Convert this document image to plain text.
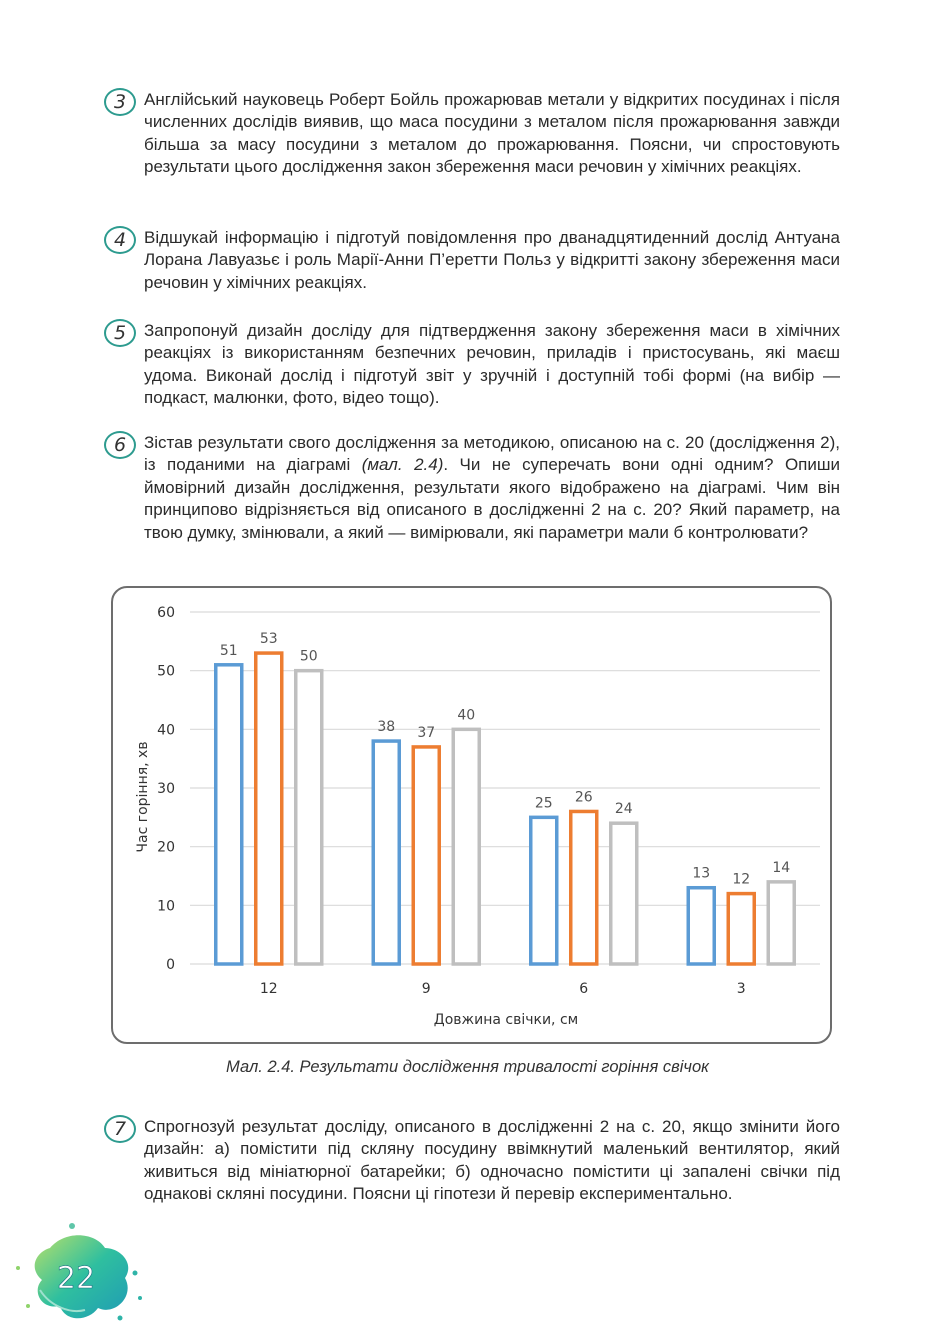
3	Англійський науковець Роберт Бойль прожарював метали у відкритих посудинах і після численних дослідів виявив, що маса посудини з металом після прожарювання завжди більша за масу посудини з металом до прожарювання. Поясни, чи спростовують результати цього дослідження закон збереження маси речовин у хімічних реакціях.
4	Відшукай інформацію і підготуй повідомлення про дванадцятиденний дослід Антуана Лорана Лавуазьє і роль Марії-Анни П’еретти Польз у відкритті закону збереження маси речовин у хімічних реакціях.
5	Запропонуй дизайн досліду для підтвердження закону збереження маси в хімічних реакціях із використанням безпечних речовин, приладів і пристосувань, які маєш удома. Виконай дослід і підготуй звіт у зручній і доступній тобі формі (на вибір — подкаст, малюнки, фото, відео тощо).
6	Зістав результати свого дослідження за методикою, описаною на с. 20 (дослідження 2), із поданими на діаграмі (мал. 2.4). Чи не суперечать вони одні одним? Опиши ймовірний дизайн дослідження, результати якого відображено на діаграмі. Чим він принципово відрізняється від описаного в дослідженні 2 на с. 20? Який параметр, на твою думку, змінювали, а який — вимірювали, які параметри мали б контролювати?
0
10
20
30
40
50
60
51
53
50
12
38 37
40
9
25 26
24
6
13 12
14
3
Час горіння, хв
Довжина свічки, см
Мал. 2.4. Результати дослідження тривалості горіння свічок
7	Спрогнозуй результат досліду, описаного в дослідженні 2 на с. 20, якщо змінити його дизайн: а) помістити під скляну посудину ввімкнутий маленький вентилятор, який живиться від мініатюрної батарейки; б) одночасно помістити ці запалені свічки під однакові скляні посудини. Поясни ці гіпотези й перевір експериментально.
22
